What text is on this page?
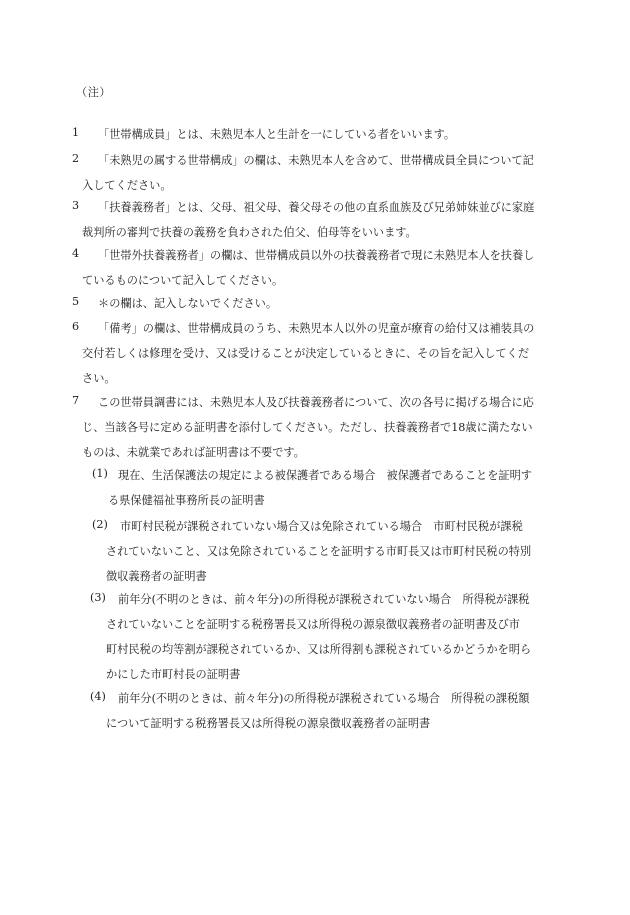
（注）
1 「世帯構成員」とは、未熟児本人と生計を一にしている者をいいます。
2 「未熟児の属する世帯構成」の欄は、未熟児本人を含めて、世帯構成員全員について記
入してください。
3 「扶養義務者」とは、父母、祖父母、養父母その他の直系血族及び兄弟姉妹並びに家庭
裁判所の審判で扶養の義務を負わされた伯父、伯母等をいいます。
4 「世帯外扶養義務者」の欄は、世帯構成員以外の扶養義務者で現に未熟児本人を扶養し
ているものについて記入してください。
5 ＊の欄は、記入しないでください。
6 「備考」の欄は、世帯構成員のうち、未熟児本人以外の児童が療育の給付又は補装具の
交付若しくは修理を受け、又は受けることが決定しているときに、その旨を記入してくだ
さい。
7 この世帯員調書には、未熟児本人及び扶養義務者について、次の各号に掲げる場合に応
じ、当該各号に定める証明書を添付してください。ただし、扶養義務者で18歳に満たない
ものは、未就業であれば証明書は不要です。
(1) 現在、生活保護法の規定による被保護者である場合　被保護者であることを証明す
る県保健福祉事務所長の証明書
(2) 市町村民税が課税されていない場合又は免除されている場合　市町村民税が課税
されていないこと、又は免除されていることを証明する市町長又は市町村民税の特別
徴収義務者の証明書
(3) 前年分(不明のときは、前々年分)の所得税が課税されていない場合　所得税が課税
されていないことを証明する税務署長又は所得税の源泉徴収義務者の証明書及び市
町村民税の均等割が課税されているか、又は所得割も課税されているかどうかを明ら
かにした市町村長の証明書
(4) 前年分(不明のときは、前々年分)の所得税が課税されている場合　所得税の課税額
について証明する税務署長又は所得税の源泉徴収義務者の証明書
